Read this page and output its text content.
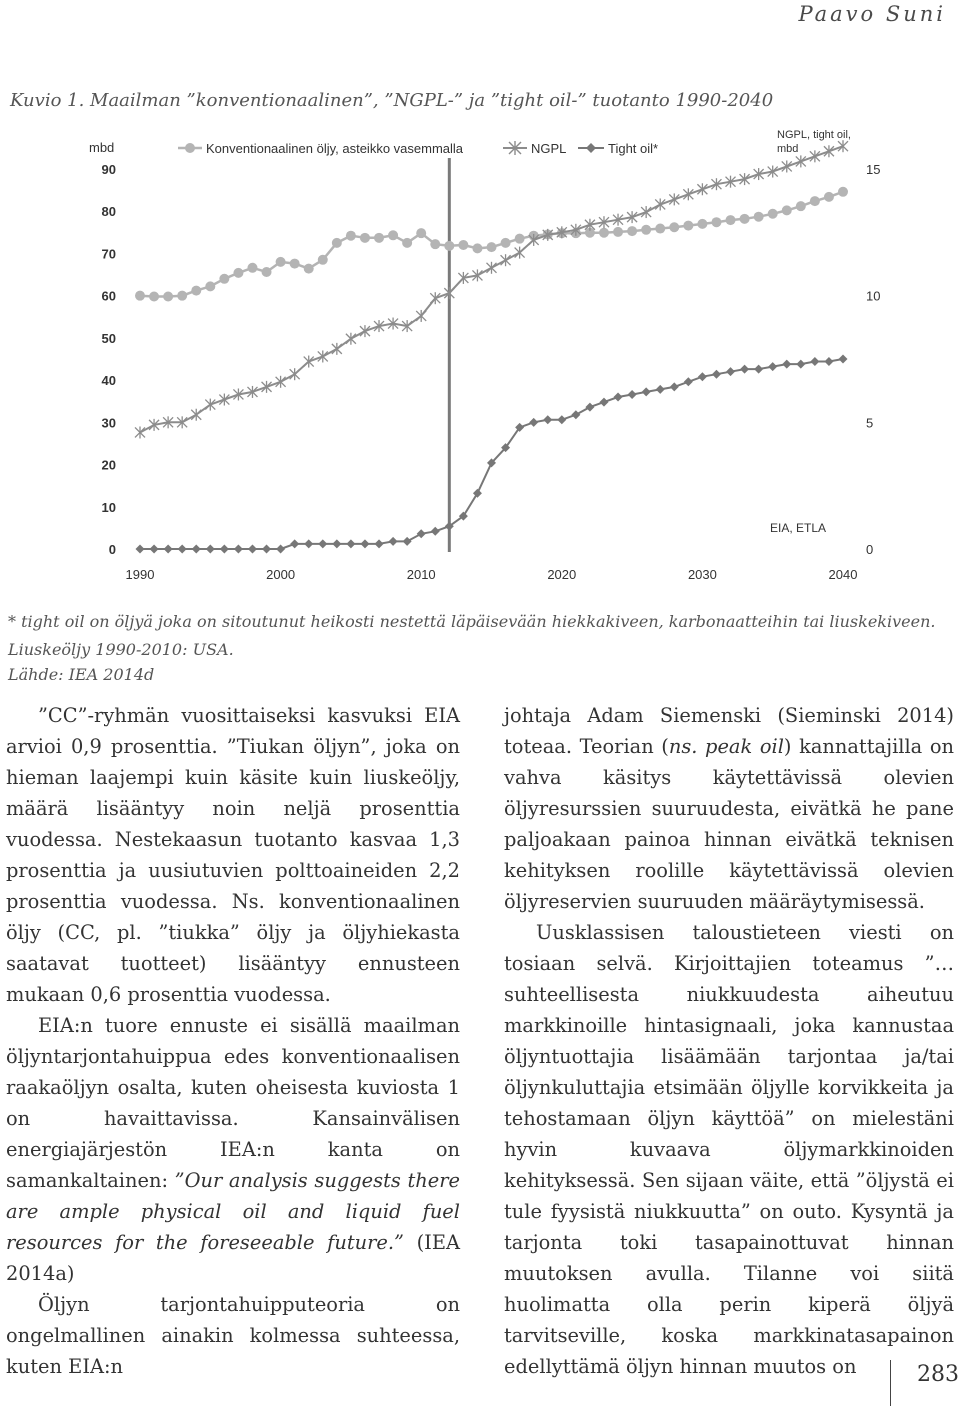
Paavo Suni
Kuvio 1. Maailman ”konventionaalinen”, ”NGPL-” ja ”tight oil-” tuotanto 1990-2040
0
10
20
30
40
50
60
70
80
90
0
5
10
15
1990	2000	2010	2020	2030	2040
Konventionaalinen öljy, asteikko vasemmalla	NGPL	Tight oil*
mbd
NGPL, tight oil,
mbd
EIA, ETLA
* tight oil on öljyä joka on sitoutunut heikosti nestettä läpäisevään hiekkakiveen, karbonaatteihin tai liuskekiveen.
Liuskeöljy 1990-2010: USA.
Lähde: IEA 2014d

”CC”-ryhmän vuosittaiseksi kasvuksi EIA arvioi 0,9 prosenttia. ”Tiukan öljyn”, joka on hieman laajempi kuin käsite kuin liuskeöljy, määrä lisääntyy noin neljä prosenttia vuodessa. Nestekaasun tuotanto kasvaa 1,3 prosenttia ja uusiutuvien polttoaineiden 2,2 prosenttia vuodessa. Ns. konventionaalinen öljy (CC, pl. ”tiukka” öljy ja öljyhiekasta saatavat tuotteet) lisääntyy ennusteen mukaan 0,6 prosenttia vuodessa.

EIA:n tuore ennuste ei sisällä maailman öljyntarjontahuippua edes konventionaalisen raakaöljyn osalta, kuten oheisesta kuviosta 1 on havaittavissa. Kansainvälisen energiajärjestön IEA:n kanta on samankaltainen: ”Our analysis suggests there are ample physical oil and liquid fuel resources for the foreseeable future.” (IEA 2014a)

Öljyn tarjontahuipputeoria on ongelmallinen ainakin kolmessa suhteessa, kuten EIA:n

johtaja Adam Siemenski (Sieminski 2014) toteaa. Teorian (ns. peak oil) kannattajilla on vahva käsitys käytettävissä olevien öljyresurssien suuruudesta, eivätkä he pane paljoakaan painoa hinnan eivätkä teknisen kehityksen roolille käytettävissä olevien öljyreservien suuruuden määräytymisessä.

Uusklassisen taloustieteen viesti on tosiaan selvä. Kirjoittajien toteamus ”… suhteellisesta niukkuudesta aiheutuu markkinoille hintasignaali, joka kannustaa öljyntuottajia lisäämään tarjontaa ja/tai öljynkuluttajia etsimään öljylle korvikkeita ja tehostamaan öljyn käyttöä” on mielestäni hyvin kuvaava öljymarkkinoiden kehityksessä. Sen sijaan väite, että ”öljystä ei tule fyysistä niukkuutta” on outo. Kysyntä ja tarjonta toki tasapainottuvat hinnan muutoksen avulla. Tilanne voi siitä huolimatta olla perin kiperä öljyä tarvitseville, koska markkinatasapainon edellyttämä öljyn hinnan muutos on	283
